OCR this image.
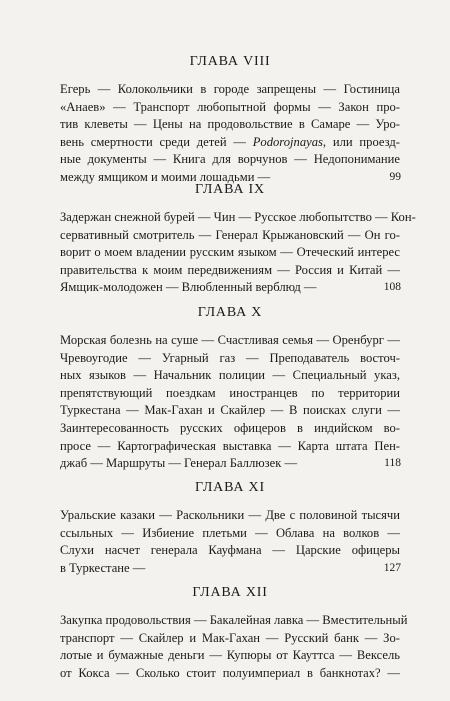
ГЛАВА VIII
Егерь — Колокольчики в городе запрещены — Гостиница
«Анаев» — Транспорт любопытной формы — Закон про-
тив клеветы — Цены на продовольствие в Самаре — Уро-
вень смертности среди детей — Podorojnayas, или проезд-
ные документы — Книга для ворчунов — Недопонимание
между ямщиком и моими лошадьми —	99
ГЛАВА IX
Задержан снежной бурей — Чин — Русское любопытство — Кон-
сервативный смотритель — Генерал Крыжановский — Он го-
ворит о моем владении русским языком — Отеческий интерес
правительства к моим передвижениям — Россия и Китай —
Ямщик-молодожен — Влюбленный верблюд —	108
ГЛАВА X
Морская болезнь на суше — Счастливая семья — Оренбург —
Чревоугодие — Угарный газ — Преподаватель восточ-
ных языков — Начальник полиции — Специальный указ,
препятствующий поездкам иностранцев по территории
Туркестана — Мак-Гахан и Скайлер — В поисках слуги —
Заинтересованность русских офицеров в индийском во-
просе — Картографическая выставка — Карта штата Пен-
джаб — Маршруты — Генерал Баллюзек —	118
ГЛАВА XI
Уральские казаки — Раскольники — Две с половиной тысячи
ссыльных — Избиение плетьми — Облава на волков —
Слухи насчет генерала Кауфмана — Царские офицеры
в Туркестане —	127
ГЛАВА XII
Закупка продовольствия — Бакалейная лавка — Вместительный
транспорт — Скайлер и Мак-Гахан — Русский банк — Зо-
лотые и бумажные деньги — Купюры от Кауттса — Вексель
от Кокса — Сколько стоит полуимпериал в банкнотах? —
